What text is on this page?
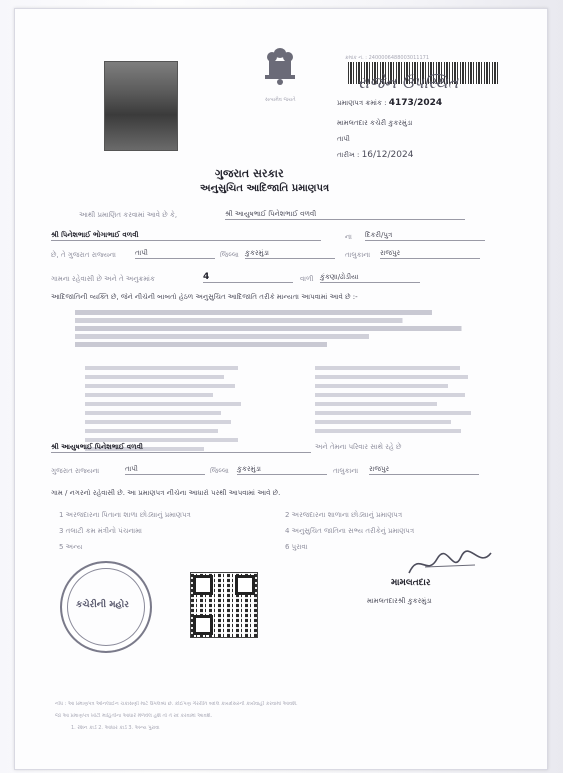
સત્યમેવ જયતે
ક્રમાંક નં. : 2400006488003011171
રાજેન ઉપસ્થિત
પ્રમાણપત્ર ક્રમાંક : 4173/2024
મામલતદાર કચેરી કુકરમુંડા
તાપી
તારીખ : 16/12/2024
ગુજરાત સરકાર
અનુસુચિત આદિજાતિ પ્રમાણપત્ર
આથી પ્રમાણિત કરવામાં આવે છે કે,	શ્રી આયુષભાઈ પિનેશભાઈ વળવી
શ્રી પિનેશભાઈ ભોગાભાઈ વળવી	ના દિકરી/પુત્ર
છે, તે ગુજરાત રાજ્યના	તાપી	જિલ્લા કુકરમુંડા	તાલુકાના રાજપુર
ગામના રહેવાસી છે અને તે અનુક્રમાંક	4	વાળી કુંકણા/ઢોડીયા
આદિજાતિની વ્યક્તિ છે, જેને નીચેની બાબતો હેઠળ અનુસુચિત આદિજાતિ તરીકે માન્યતા આપવામાં આવે છે :-
શ્રી આયુષભાઈ પિનેશભાઈ વળવી	અને તેમના પરિવાર સાથે રહે છે
ગુજરાત રાજ્યના	તાપી	જિલ્લા કુકરમુંડા	તાલુકાના રાજપુર
ગામ / નગરનો રહેવાસી છે. આ પ્રમાણપત્ર નીચેના આધારો પરથી આપવામાં આવે છે.
1 અરજદારના પિતાના શાળા છોડ્યાનું પ્રમાણપત્ર	2 અરજદારના શાળાના છોડ્યાનું પ્રમાણપત્ર
3 તલાટી કમ મંત્રીનો પંચનામા	4 અનુસુચિત જાતિના સભ્ય તરીકેનું પ્રમાણપત્ર
5 અન્ય	6 પુરાવા
કચેરીની મહોર
મામલતદાર
મામલતદારશ્રી કુકરમુંડા
નોંધ : આ પ્રમાણપત્ર ઓનલાઈન ચકાસણી માટે ઉપલબ્ધ છે. કોઈપણ ગેરરીતિ બદલ કાયદેસરની કાર્યવાહી કરવામાં આવશે.
જો આ પ્રમાણપત્ર ખોટી માહિતીના આધારે મેળવેલ હશે તો તે રદ કરવામાં આવશે.
1. રેશન કાર્ડ 2. આધાર કાર્ડ 3. અન્ય પુરાવા
